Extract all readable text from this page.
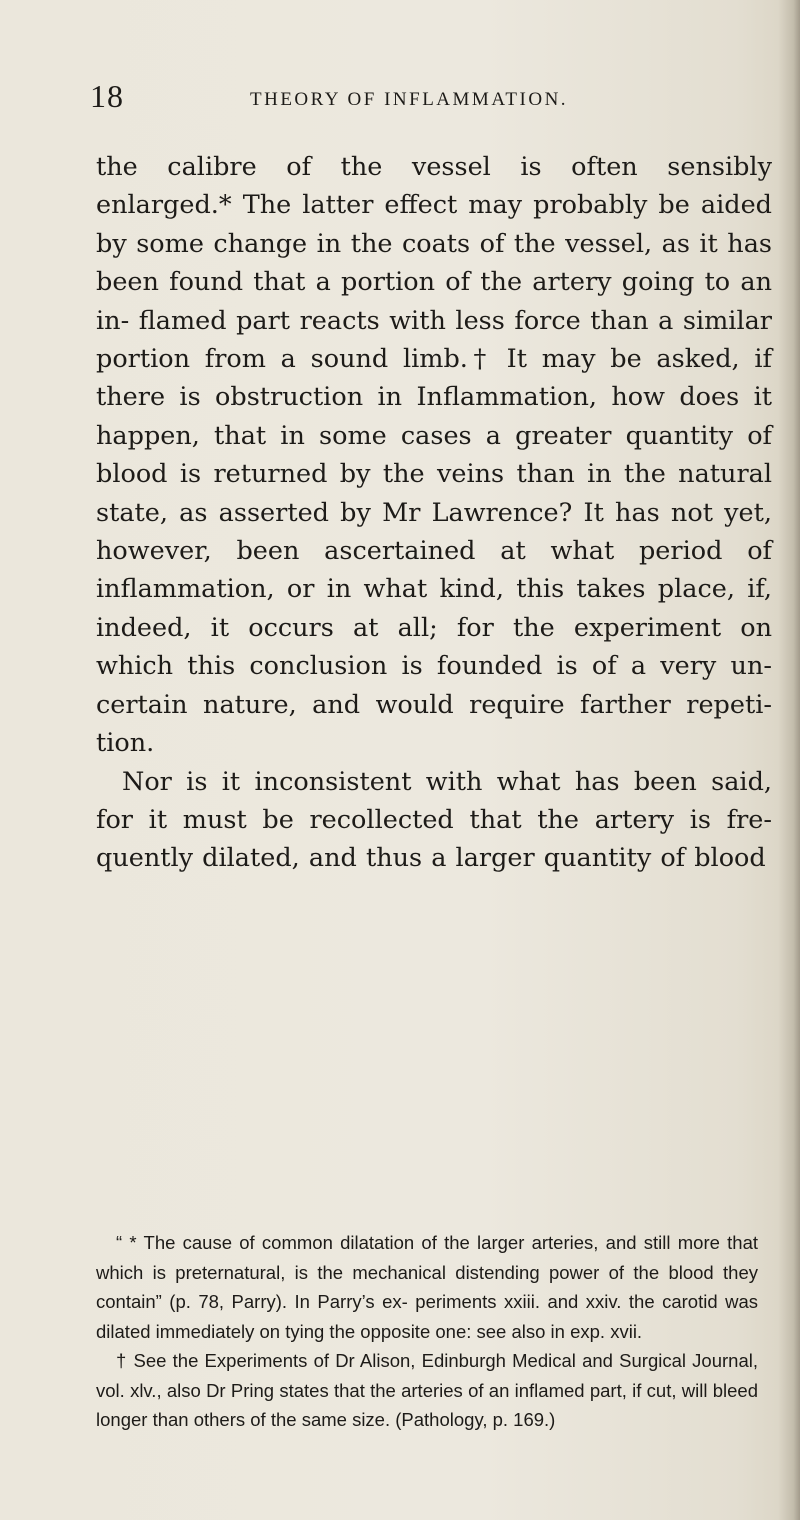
18	THEORY OF INFLAMMATION.

the calibre of the vessel is often sensibly enlarged.* The latter effect may probably be aided by some change in the coats of the vessel, as it has been found that a portion of the artery going to an in- flamed part reacts with less force than a similar portion from a sound limb.† It may be asked, if there is obstruction in Inflammation, how does it happen, that in some cases a greater quantity of blood is returned by the veins than in the natural state, as asserted by Mr Lawrence? It has not yet, however, been ascertained at what period of inflammation, or in what kind, this takes place, if, indeed, it occurs at all; for the experiment on which this conclusion is founded is of a very un- certain nature, and would require farther repeti- tion.

Nor is it inconsistent with what has been said, for it must be recollected that the artery is fre- quently dilated, and thus a larger quantity of blood

“ * The cause of common dilatation of the larger arteries, and still more that which is preternatural, is the mechanical distending power of the blood they contain” (p. 78, Parry). In Parry’s ex- periments xxiii. and xxiv. the carotid was dilated immediately on tying the opposite one: see also in exp. xvii.

† See the Experiments of Dr Alison, Edinburgh Medical and Surgical Journal, vol. xlv., also Dr Pring states that the arteries of an inflamed part, if cut, will bleed longer than others of the same size. (Pathology, p. 169.)
